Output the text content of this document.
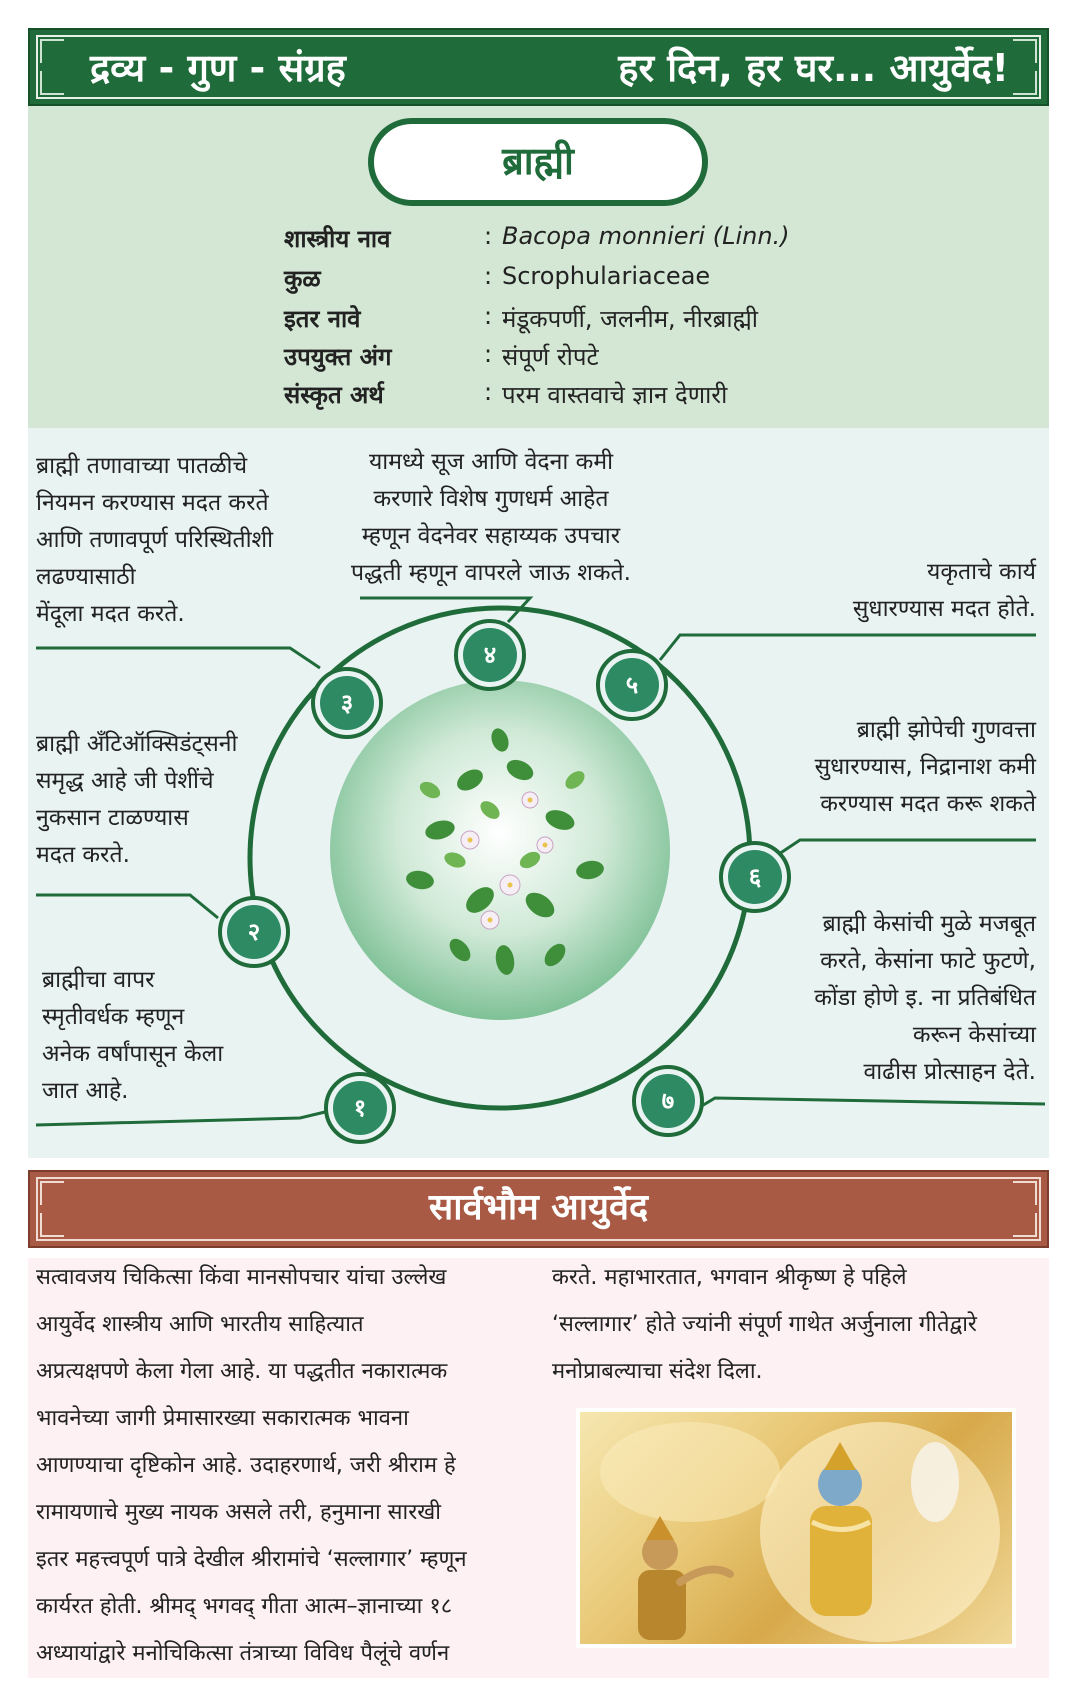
द्रव्य - गुण - संग्रह	हर दिन, हर घर... आयुर्वेद!
ब्राह्मी
शास्त्रीय नाव	: Bacopa monnieri (Linn.)
कुळ	: Scrophulariaceae
इतर नावे	: मंडूकपर्णी, जलनीम, नीरब्राह्मी
उपयुक्त अंग	: संपूर्ण रोपटे
संस्कृत अर्थ	: परम वास्तवाचे ज्ञान देणारी
१
२
३
४
५
६
७
ब्राह्मी तणावाच्या पातळीचे
नियमन करण्यास मदत करते
आणि तणावपूर्ण परिस्थितीशी
लढण्यासाठी
मेंदूला मदत करते.
यामध्ये सूज आणि वेदना कमी
करणारे विशेष गुणधर्म आहेत
म्हणून वेदनेवर सहाय्यक उपचार
पद्धती म्हणून वापरले जाऊ शकते.	यकृताचे कार्य
सुधारण्यास मदत होते.
ब्राह्मी अँटिऑक्सिडंट्सनी
समृद्ध आहे जी पेशींचे
नुकसान टाळण्यास
मदत करते.
ब्राह्मी झोपेची गुणवत्ता
सुधारण्यास, निद्रानाश कमी
करण्यास मदत करू शकते
ब्राह्मीचा वापर
स्मृतीवर्धक म्हणून
अनेक वर्षांपासून केला
जात आहे.
ब्राह्मी केसांची मुळे मजबूत
करते, केसांना फाटे फुटणे,
कोंडा होणे इ. ना प्रतिबंधित
करून केसांच्या
वाढीस प्रोत्साहन देते.
सार्वभौम आयुर्वेद
सत्वावजय चिकित्सा किंवा मानसोपचार यांचा उल्लेख
आयुर्वेद शास्त्रीय आणि भारतीय साहित्यात
अप्रत्यक्षपणे केला गेला आहे. या पद्धतीत नकारात्मक
भावनेच्या जागी प्रेमासारख्या सकारात्मक भावना
आणण्याचा दृष्टिकोन आहे. उदाहरणार्थ, जरी श्रीराम हे
रामायणाचे मुख्य नायक असले तरी, हनुमाना सारखी
इतर महत्त्वपूर्ण पात्रे देखील श्रीरामांचे ‘सल्लागार’ म्हणून
कार्यरत होती. श्रीमद् भगवद् गीता आत्म–ज्ञानाच्या १८
अध्यायांद्वारे मनोचिकित्सा तंत्राच्या विविध पैलूंचे वर्णन
करते. महाभारतात, भगवान श्रीकृष्ण हे पहिले
‘सल्लागार’ होते ज्यांनी संपूर्ण गाथेत अर्जुनाला गीतेद्वारे
मनोप्राबल्याचा संदेश दिला.
